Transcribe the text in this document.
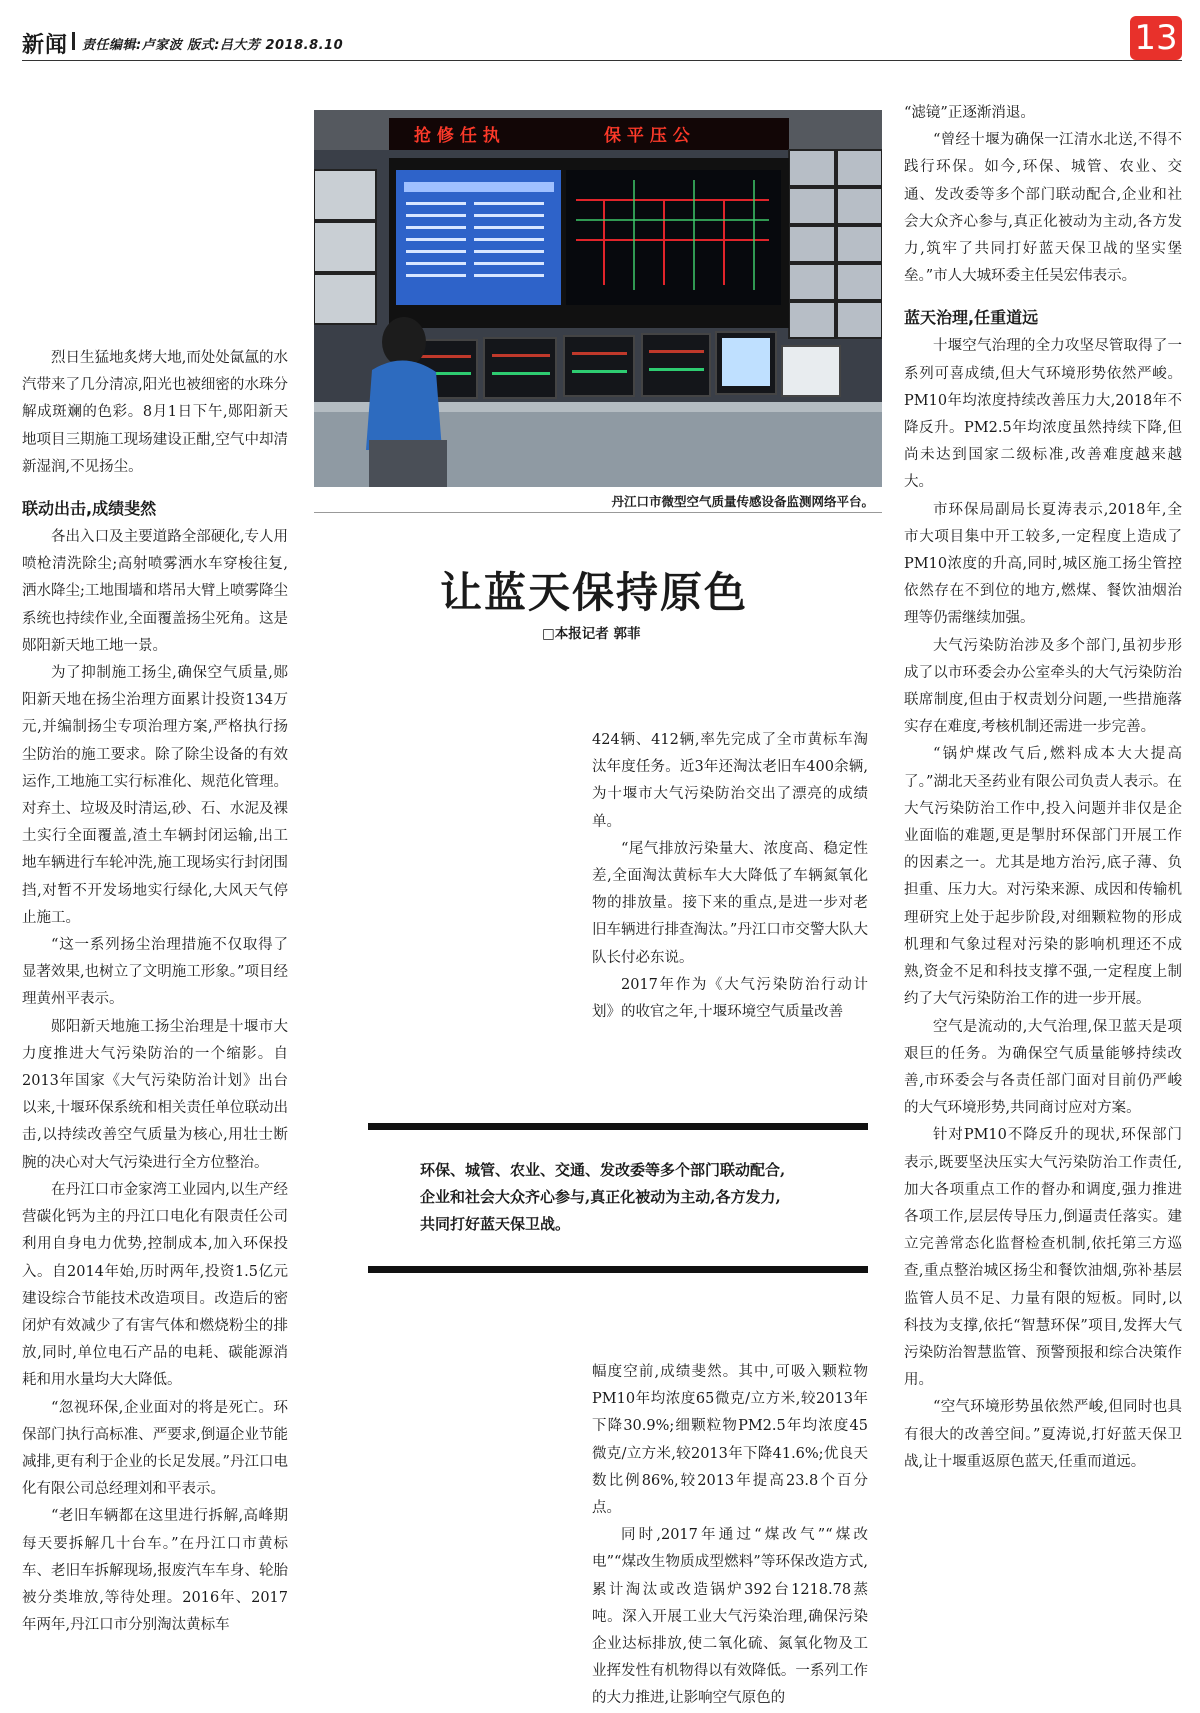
新闻 责任编辑:卢家波 版式:吕大芳 2018.8.10	13

烈日生猛地炙烤大地,而处处氤氲的水汽带来了几分清凉,阳光也被细密的水珠分解成斑斓的色彩。8月1日下午,郧阳新天地项目三期施工现场建设正酣,空气中却清新湿润,不见扬尘。

联动出击,成绩斐然

各出入口及主要道路全部硬化,专人用喷枪清洗除尘;高射喷雾洒水车穿梭往复,洒水降尘;工地围墙和塔吊大臂上喷雾降尘系统也持续作业,全面覆盖扬尘死角。这是郧阳新天地工地一景。

为了抑制施工扬尘,确保空气质量,郧阳新天地在扬尘治理方面累计投资134万元,并编制扬尘专项治理方案,严格执行扬尘防治的施工要求。除了除尘设备的有效运作,工地施工实行标准化、规范化管理。对弃土、垃圾及时清运,砂、石、水泥及裸土实行全面覆盖,渣土车辆封闭运输,出工地车辆进行车轮冲洗,施工现场实行封闭围挡,对暂不开发场地实行绿化,大风天气停止施工。

“这一系列扬尘治理措施不仅取得了显著效果,也树立了文明施工形象。”项目经理黄州平表示。

郧阳新天地施工扬尘治理是十堰市大力度推进大气污染防治的一个缩影。自2013年国家《大气污染防治计划》出台以来,十堰环保系统和相关责任单位联动出击,以持续改善空气质量为核心,用壮士断腕的决心对大气污染进行全方位整治。

在丹江口市金家湾工业园内,以生产经营碳化钙为主的丹江口电化有限责任公司利用自身电力优势,控制成本,加入环保投入。自2014年始,历时两年,投资1.5亿元建设综合节能技术改造项目。改造后的密闭炉有效减少了有害气体和燃烧粉尘的排放,同时,单位电石产品的电耗、碳能源消耗和用水量均大大降低。

“忽视环保,企业面对的将是死亡。环保部门执行高标准、严要求,倒逼企业节能减排,更有利于企业的长足发展。”丹江口电化有限公司总经理刘和平表示。

“老旧车辆都在这里进行拆解,高峰期每天要拆解几十台车。”在丹江口市黄标车、老旧车拆解现场,报废汽车车身、轮胎被分类堆放,等待处理。2016年、2017年两年,丹江口市分别淘汰黄标车

抢 修 任 执	保 平 压 公
丹江口市微型空气质量传感设备监测网络平台。
让蓝天保持原色
□本报记者 郭菲

424辆、412辆,率先完成了全市黄标车淘汰年度任务。近3年还淘汰老旧车400余辆,为十堰市大气污染防治交出了漂亮的成绩单。

“尾气排放污染量大、浓度高、稳定性差,全面淘汰黄标车大大降低了车辆氮氧化物的排放量。接下来的重点,是进一步对老旧车辆进行排查淘汰。”丹江口市交警大队大队长付必东说。

2017年作为《大气污染防治行动计划》的收官之年,十堰环境空气质量改善

环保、城管、农业、交通、发改委等多个部门联动配合,
企业和社会大众齐心参与,真正化被动为主动,各方发力,
共同打好蓝天保卫战。

幅度空前,成绩斐然。其中,可吸入颗粒物PM10年均浓度65微克/立方米,较2013年下降30.9%;细颗粒物PM2.5年均浓度45微克/立方米,较2013年下降41.6%;优良天数比例86%,较2013年提高23.8个百分点。

同时,2017年通过“煤改气”“煤改电”“煤改生物质成型燃料”等环保改造方式,累计淘汰或改造锅炉392台1218.78蒸吨。深入开展工业大气污染治理,确保污染企业达标排放,使二氧化硫、氮氧化物及工业挥发性有机物得以有效降低。一系列工作的大力推进,让影响空气原色的

“滤镜”正逐渐消退。

“曾经十堰为确保一江清水北送,不得不践行环保。如今,环保、城管、农业、交通、发改委等多个部门联动配合,企业和社会大众齐心参与,真正化被动为主动,各方发力,筑牢了共同打好蓝天保卫战的坚实堡垒。”市人大城环委主任吴宏伟表示。

蓝天治理,任重道远

十堰空气治理的全力攻坚尽管取得了一系列可喜成绩,但大气环境形势依然严峻。PM10年均浓度持续改善压力大,2018年不降反升。PM2.5年均浓度虽然持续下降,但尚未达到国家二级标准,改善难度越来越大。

市环保局副局长夏涛表示,2018年,全市大项目集中开工较多,一定程度上造成了PM10浓度的升高,同时,城区施工扬尘管控依然存在不到位的地方,燃煤、餐饮油烟治理等仍需继续加强。

大气污染防治涉及多个部门,虽初步形成了以市环委会办公室牵头的大气污染防治联席制度,但由于权责划分问题,一些措施落实存在难度,考核机制还需进一步完善。

“锅炉煤改气后,燃料成本大大提高了。”湖北天圣药业有限公司负责人表示。在大气污染防治工作中,投入问题并非仅是企业面临的难题,更是掣肘环保部门开展工作的因素之一。尤其是地方治污,底子薄、负担重、压力大。对污染来源、成因和传输机理研究上处于起步阶段,对细颗粒物的形成机理和气象过程对污染的影响机理还不成熟,资金不足和科技支撑不强,一定程度上制约了大气污染防治工作的进一步开展。

空气是流动的,大气治理,保卫蓝天是项艰巨的任务。为确保空气质量能够持续改善,市环委会与各责任部门面对目前仍严峻的大气环境形势,共同商讨应对方案。

针对PM10不降反升的现状,环保部门表示,既要坚決压实大气污染防治工作责任,加大各项重点工作的督办和调度,强力推进各项工作,层层传导压力,倒逼责任落实。建立完善常态化监督检查机制,依托第三方巡查,重点整治城区扬尘和餐饮油烟,弥补基层监管人员不足、力量有限的短板。同时,以科技为支撑,依托“智慧环保”项目,发挥大气污染防治智慧监管、预警预报和综合决策作用。

“空气环境形势虽依然严峻,但同时也具有很大的改善空间。”夏涛说,打好蓝天保卫战,让十堰重返原色蓝天,任重而道远。
